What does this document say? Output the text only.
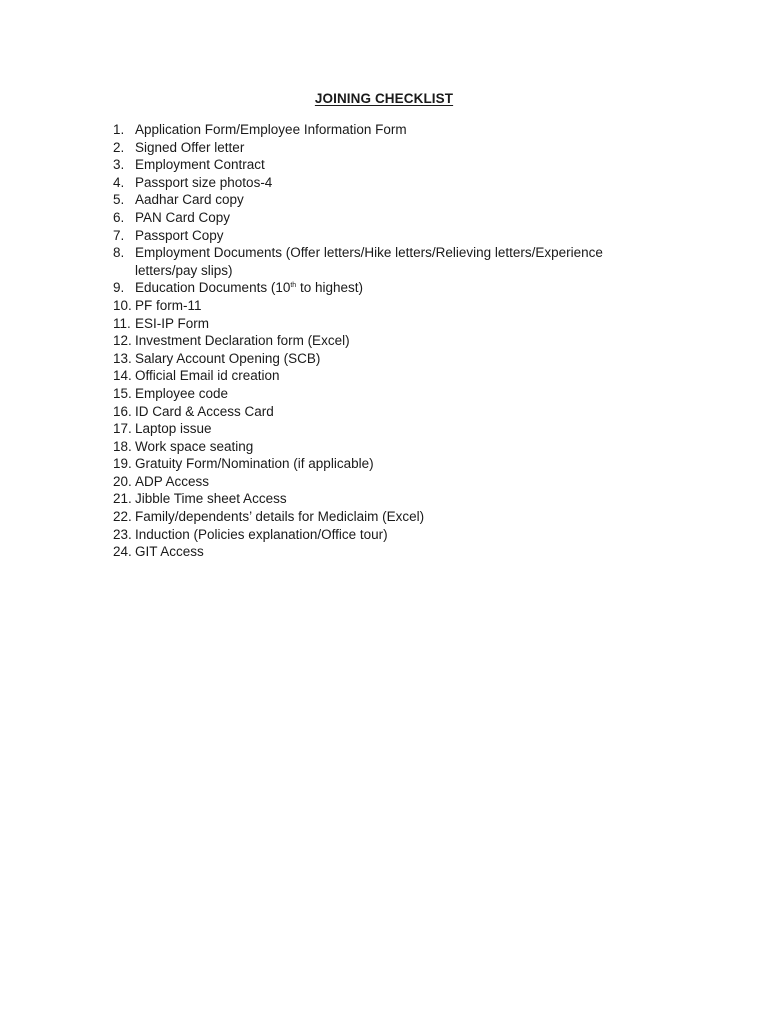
JOINING CHECKLIST
1. Application Form/Employee Information Form
2. Signed Offer letter
3. Employment Contract
4. Passport size photos-4
5. Aadhar Card copy
6. PAN Card Copy
7. Passport Copy
8. Employment Documents (Offer letters/Hike letters/Relieving letters/Experience letters/pay slips)
9. Education Documents (10th to highest)
10. PF form-11
11. ESI-IP Form
12. Investment Declaration form (Excel)
13. Salary Account Opening (SCB)
14. Official Email id creation
15. Employee code
16. ID Card & Access Card
17. Laptop issue
18. Work space seating
19. Gratuity Form/Nomination (if applicable)
20. ADP Access
21. Jibble Time sheet Access
22. Family/dependents’ details for Mediclaim (Excel)
23. Induction (Policies explanation/Office tour)
24. GIT Access
